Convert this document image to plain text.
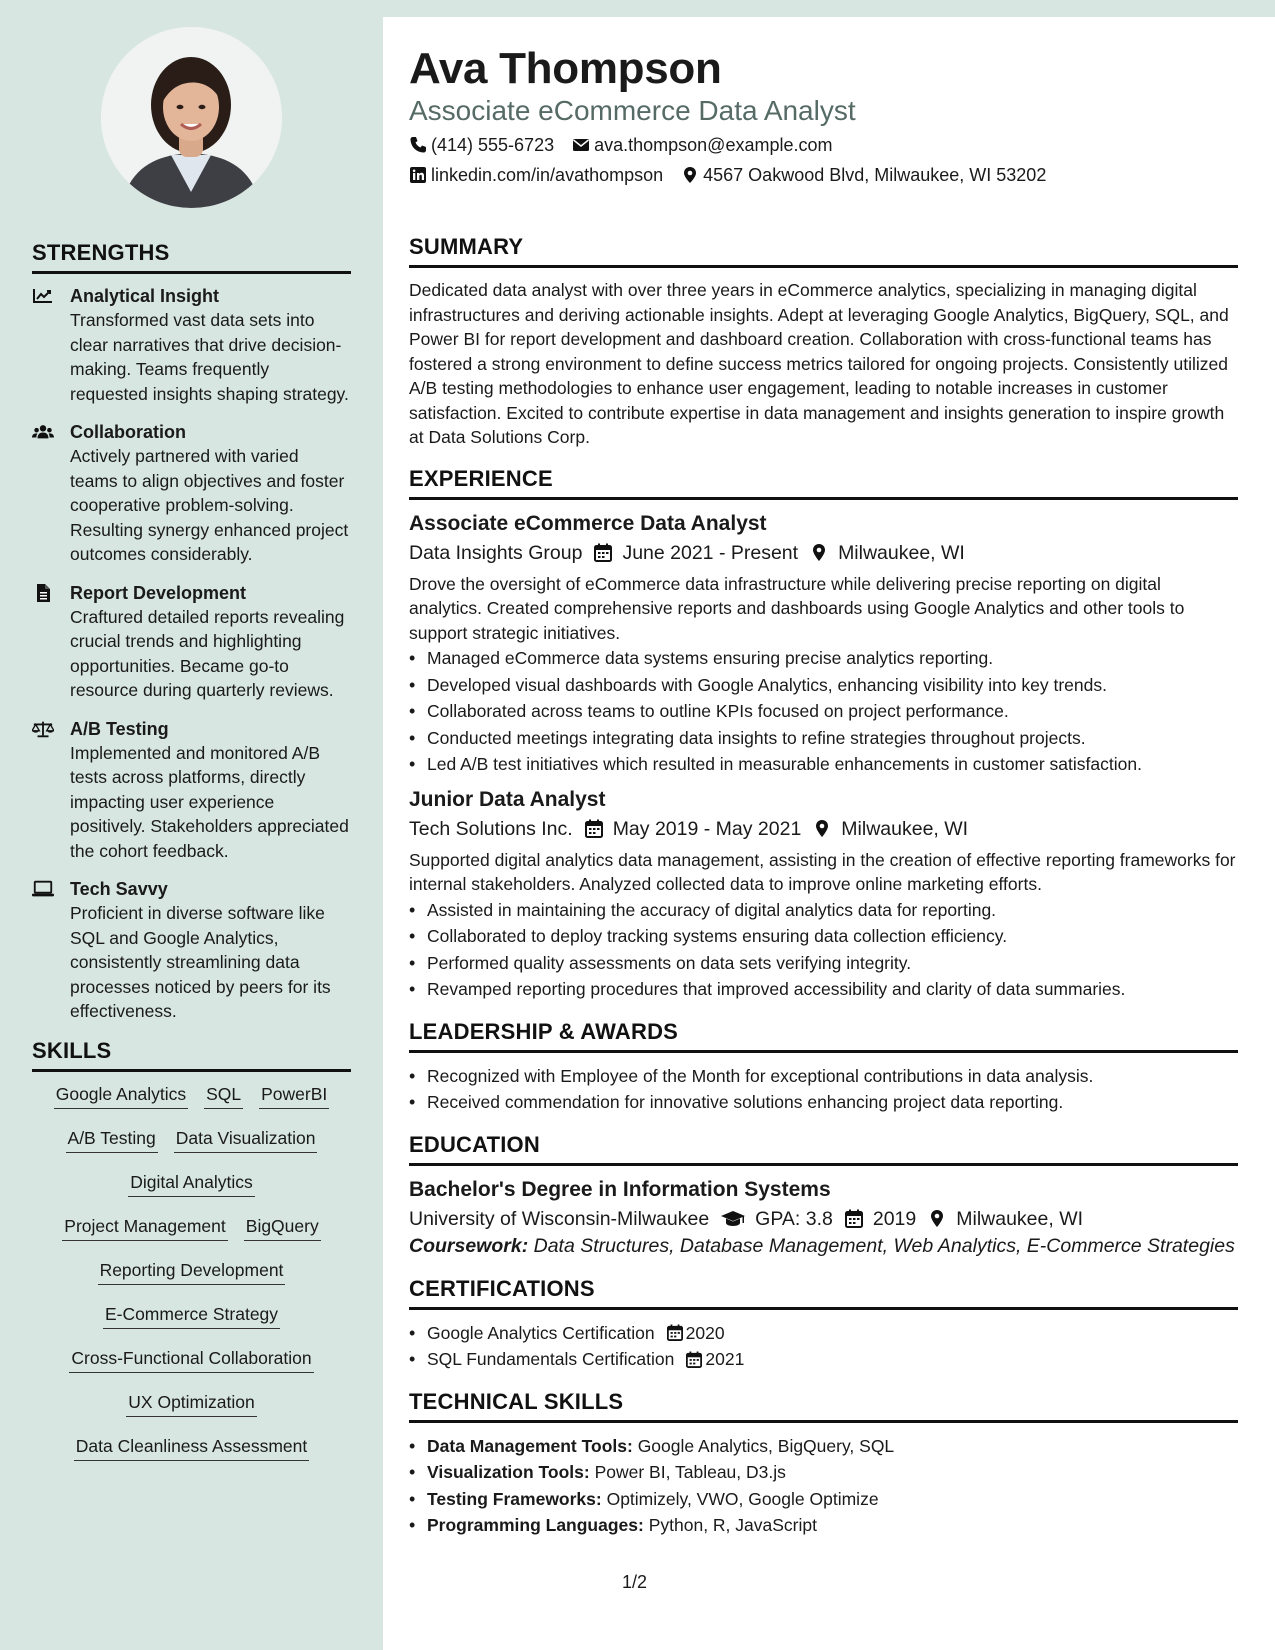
STRENGTHS
Analytical Insight
Transformed vast data sets into clear narratives that drive decision-making. Teams frequently requested insights shaping strategy.
Collaboration
Actively partnered with varied teams to align objectives and foster cooperative problem-solving. Resulting synergy enhanced project outcomes considerably.
Report Development
Craftured detailed reports revealing crucial trends and highlighting opportunities. Became go-to resource during quarterly reviews.
A/B Testing
Implemented and monitored A/B tests across platforms, directly impacting user experience positively. Stakeholders appreciated the cohort feedback.
Tech Savvy
Proficient in diverse software like SQL and Google Analytics, consistently streamlining data processes noticed by peers for its effectiveness.
SKILLS
Google Analytics SQL PowerBI
A/B Testing Data Visualization
Digital Analytics
Project Management BigQuery
Reporting Development
E-Commerce Strategy
Cross-Functional Collaboration
UX Optimization
Data Cleanliness Assessment
Ava Thompson
Associate eCommerce Data Analyst
(414) 555-6723 ava.thompson@example.com
linkedin.com/in/avathompson 4567 Oakwood Blvd, Milwaukee, WI 53202
SUMMARY
Dedicated data analyst with over three years in eCommerce analytics, specializing in managing digital infrastructures and deriving actionable insights. Adept at leveraging Google Analytics, BigQuery, SQL, and Power BI for report development and dashboard creation. Collaboration with cross-functional teams has fostered a strong environment to define success metrics tailored for ongoing projects. Consistently utilized A/B testing methodologies to enhance user engagement, leading to notable increases in customer satisfaction. Excited to contribute expertise in data management and insights generation to inspire growth at Data Solutions Corp.
EXPERIENCE
Associate eCommerce Data Analyst
Data Insights Group June 2021 - Present Milwaukee, WI
Drove the oversight of eCommerce data infrastructure while delivering precise reporting on digital analytics. Created comprehensive reports and dashboards using Google Analytics and other tools to support strategic initiatives.
• Managed eCommerce data systems ensuring precise analytics reporting.
• Developed visual dashboards with Google Analytics, enhancing visibility into key trends.
• Collaborated across teams to outline KPIs focused on project performance.
• Conducted meetings integrating data insights to refine strategies throughout projects.
• Led A/B test initiatives which resulted in measurable enhancements in customer satisfaction.
Junior Data Analyst
Tech Solutions Inc. May 2019 - May 2021 Milwaukee, WI
Supported digital analytics data management, assisting in the creation of effective reporting frameworks for internal stakeholders. Analyzed collected data to improve online marketing efforts.
• Assisted in maintaining the accuracy of digital analytics data for reporting.
• Collaborated to deploy tracking systems ensuring data collection efficiency.
• Performed quality assessments on data sets verifying integrity.
• Revamped reporting procedures that improved accessibility and clarity of data summaries.
LEADERSHIP & AWARDS
• Recognized with Employee of the Month for exceptional contributions in data analysis.
• Received commendation for innovative solutions enhancing project data reporting.
EDUCATION
Bachelor's Degree in Information Systems
University of Wisconsin-Milwaukee GPA: 3.8 2019 Milwaukee, WI
Coursework: Data Structures, Database Management, Web Analytics, E-Commerce Strategies
CERTIFICATIONS
• Google Analytics Certification 2020
• SQL Fundamentals Certification 2021
TECHNICAL SKILLS
• Data Management Tools: Google Analytics, BigQuery, SQL
• Visualization Tools: Power BI, Tableau, D3.js
• Testing Frameworks: Optimizely, VWO, Google Optimize
• Programming Languages: Python, R, JavaScript
1/2
